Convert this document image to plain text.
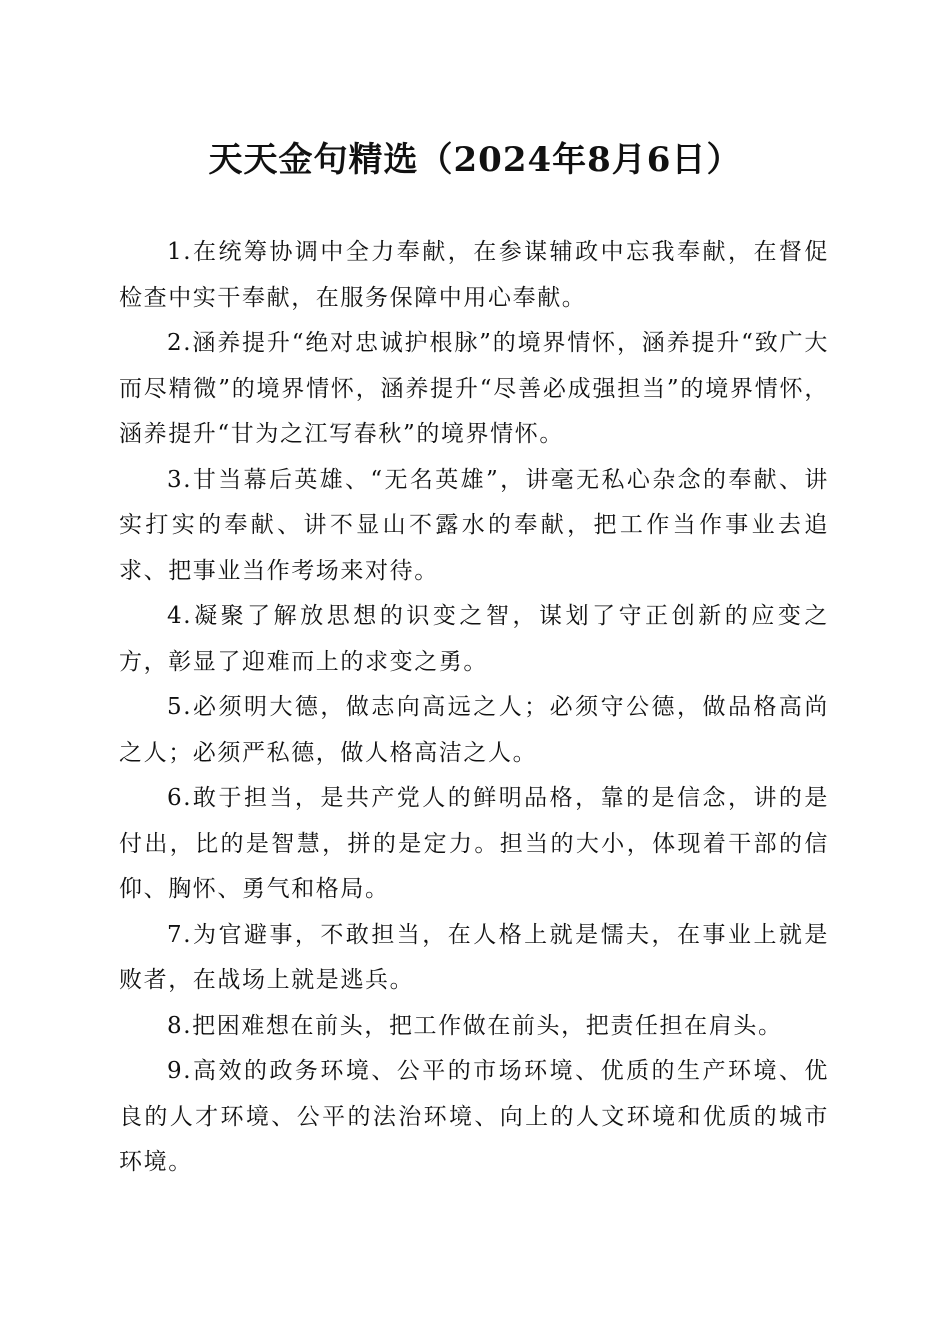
天天金句精选（2024年8月6日）

1.在统筹协调中全力奉献，在参谋辅政中忘我奉献，在督促检查中实干奉献，在服务保障中用心奉献。

2.涵养提升“绝对忠诚护根脉”的境界情怀，涵养提升“致广大而尽精微”的境界情怀，涵养提升“尽善必成强担当”的境界情怀，涵养提升“甘为之江写春秋”的境界情怀。

3.甘当幕后英雄、“无名英雄”，讲毫无私心杂念的奉献、讲实打实的奉献、讲不显山不露水的奉献，把工作当作事业去追求、把事业当作考场来对待。

4.凝聚了解放思想的识变之智，谋划了守正创新的应变之方，彰显了迎难而上的求变之勇。

5.必须明大德，做志向高远之人；必须守公德，做品格高尚之人；必须严私德，做人格高洁之人。

6.敢于担当，是共产党人的鲜明品格，靠的是信念，讲的是付出，比的是智慧，拼的是定力。担当的大小，体现着干部的信仰、胸怀、勇气和格局。

7.为官避事，不敢担当，在人格上就是懦夫，在事业上就是败者，在战场上就是逃兵。

8.把困难想在前头，把工作做在前头，把责任担在肩头。

9.高效的政务环境、公平的市场环境、优质的生产环境、优良的人才环境、公平的法治环境、向上的人文环境和优质的城市环境。
